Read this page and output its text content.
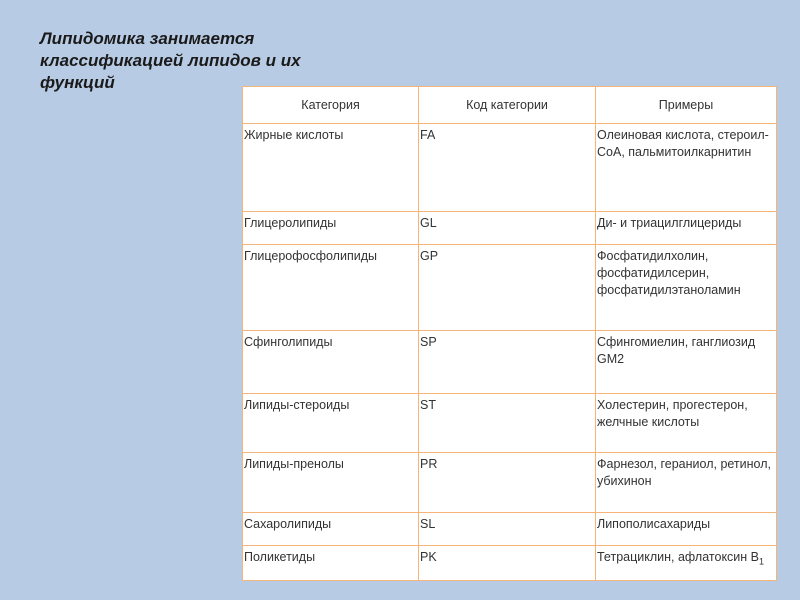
Липидомика занимается классификацией липидов и их функций

Категория	Код категории	Примеры
Жирные кислоты	FA	Олеиновая кислота, стероил-СоА, пальмитоилкарнитин
Глицеролипиды	GL	Ди- и триацилглицериды
Глицерофосфолипиды	GP	Фосфатидилхолин, фосфатидилсерин, фосфатидилэтаноламин
Сфинголипиды	SP	Сфингомиелин, ганглиозид GM2
Липиды-стероиды	ST	Холестерин, прогестерон, желчные кислоты
Липиды-пренолы	PR	Фарнезол, гераниол, ретинол, убихинон
Сахаролипиды	SL	Липополисахариды
Поликетиды	PK	Тетрациклин, афлатоксин $B_1$
